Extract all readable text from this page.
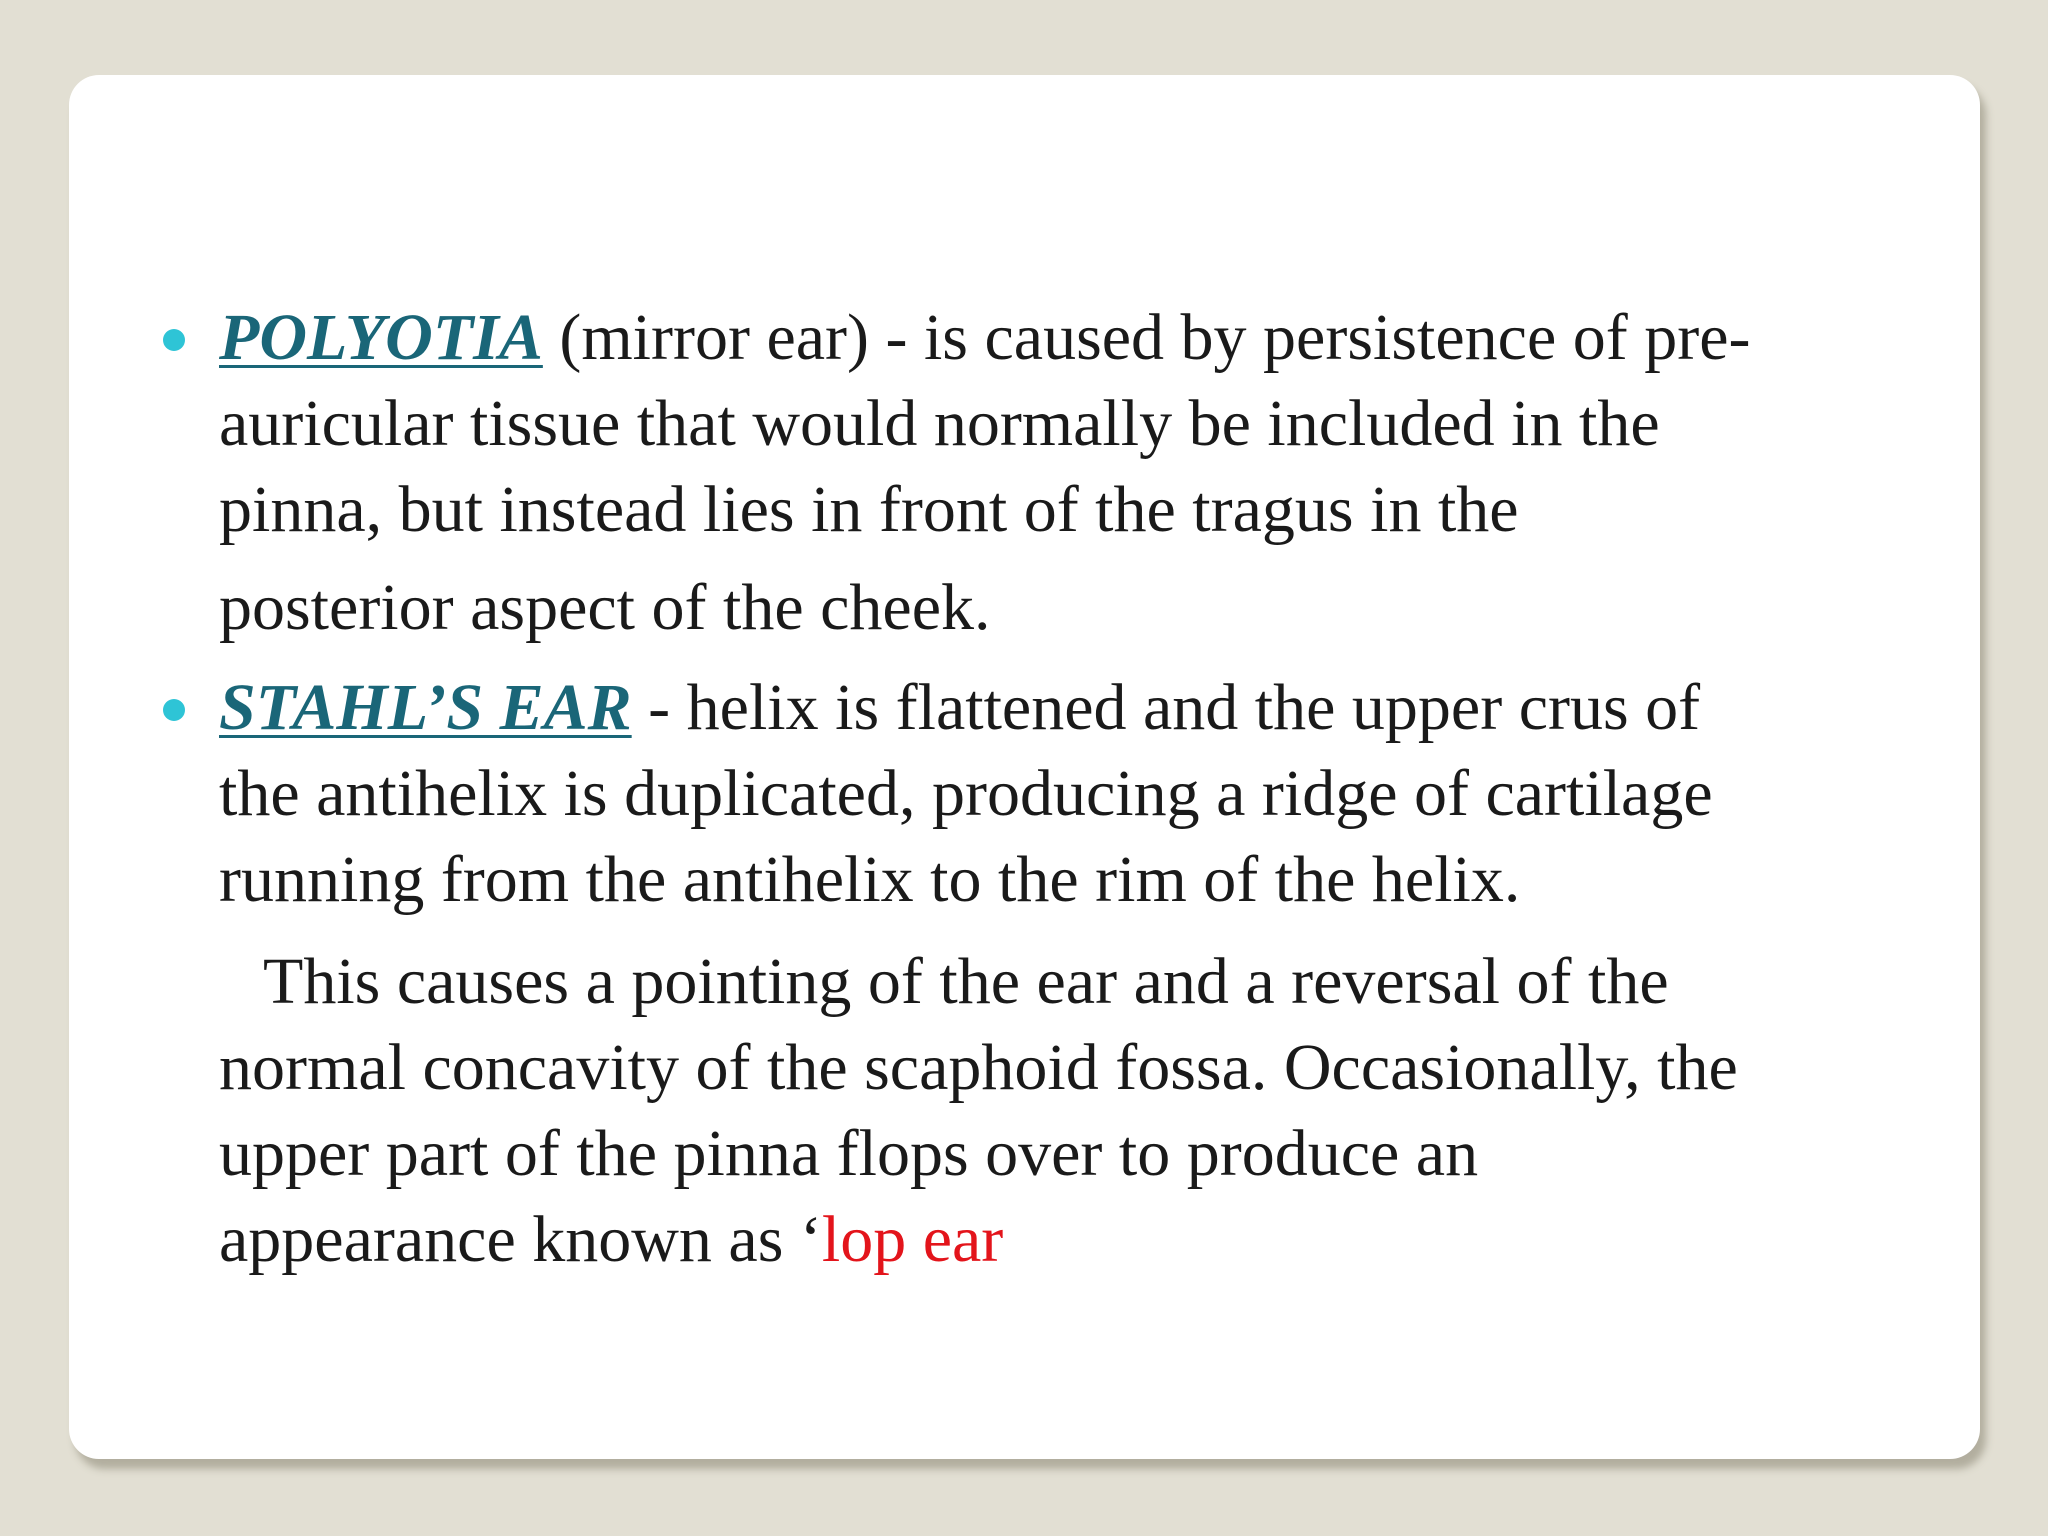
POLYOTIA (mirror ear) - is caused by persistence of pre-
auricular tissue that would normally be included in the
pinna, but instead lies in front of the tragus in the
posterior aspect of the cheek.
STAHL’S EAR - helix is flattened and the upper crus of
the antihelix is duplicated, producing a ridge of cartilage
running from the antihelix to the rim of the helix.
This causes a pointing of the ear and a reversal of the
normal concavity of the scaphoid fossa. Occasionally, the
upper part of the pinna flops over to produce an
appearance known as ‘lop ear
